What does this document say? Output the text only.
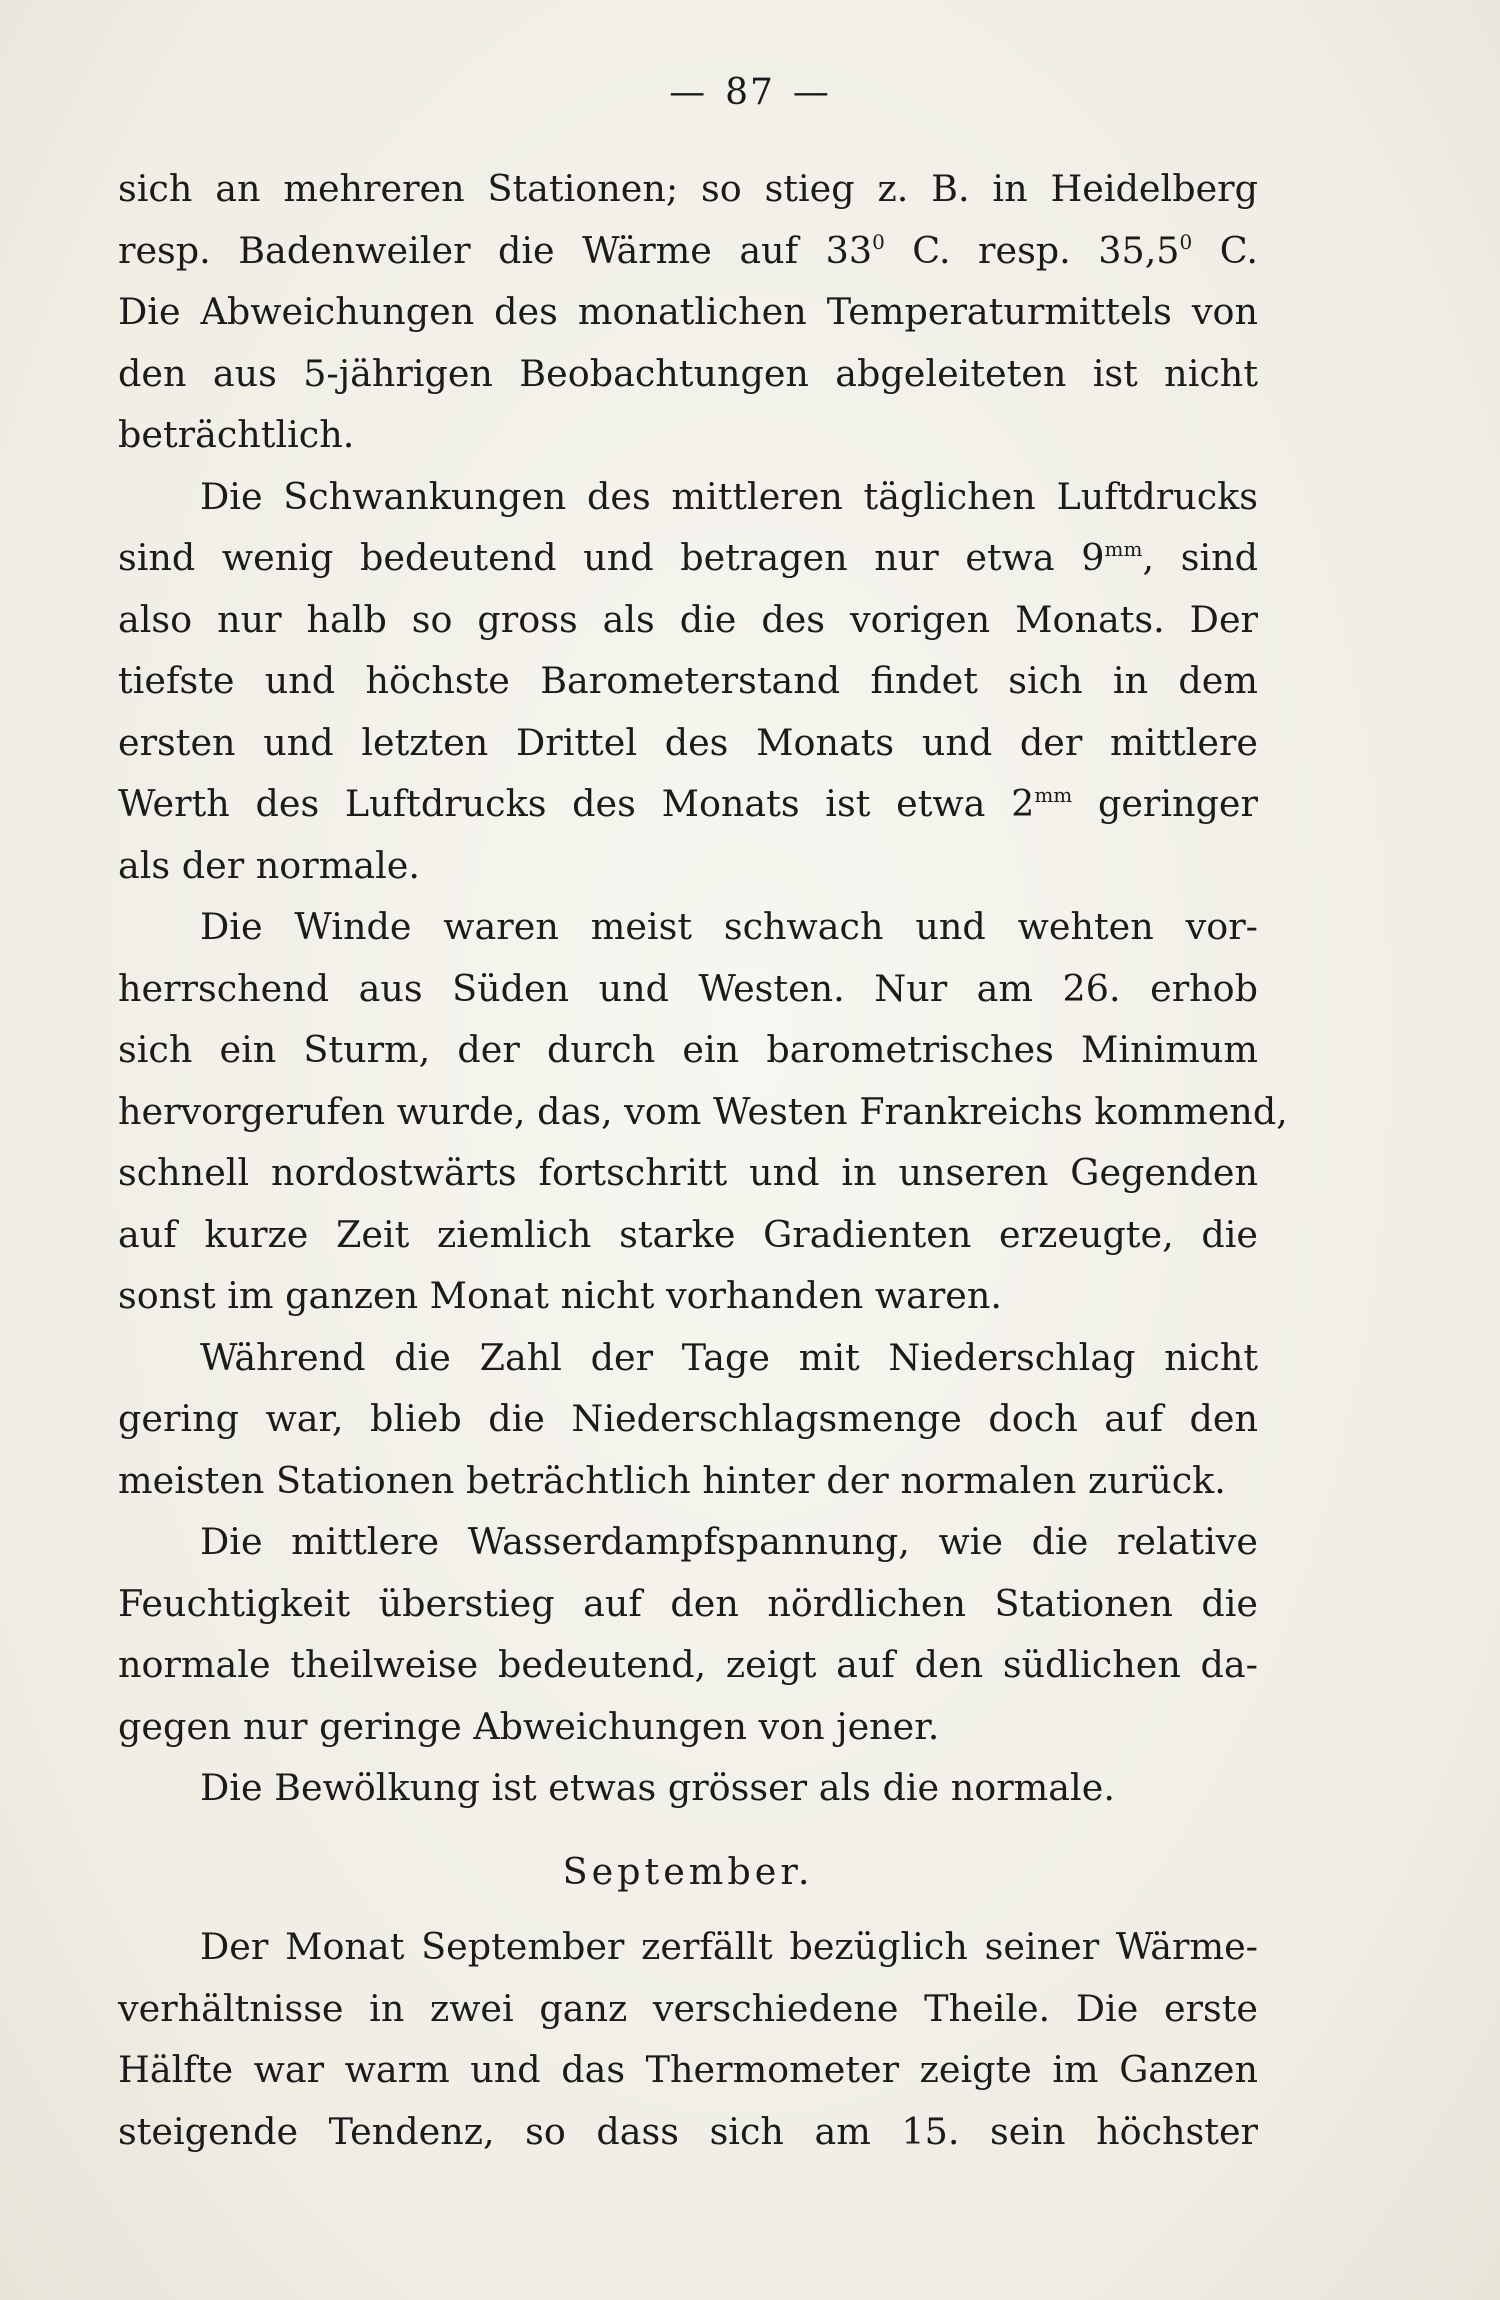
— 87 —
sich an mehreren Stationen; so stieg z. B. in Heidelberg
resp. Badenweiler die Wärme auf $33^0$ C. resp. 35,5$^0$ C.
Die Abweichungen des monatlichen Temperaturmittels von
den aus 5-jährigen Beobachtungen abgeleiteten ist nicht
beträchtlich.
Die Schwankungen des mittleren täglichen Luftdrucks
sind wenig bedeutend und betragen nur etwa $9^{mm}$, sind
also nur halb so gross als die des vorigen Monats. Der
tiefste und höchste Barometerstand findet sich in dem
ersten und letzten Drittel des Monats und der mittlere
Werth des Luftdrucks des Monats ist etwa $2^{mm}$ geringer
als der normale.
Die Winde waren meist schwach und wehten vor-
herrschend aus Süden und Westen. Nur am 26. erhob
sich ein Sturm, der durch ein barometrisches Minimum
hervorgerufen wurde, das, vom Westen Frankreichs kommend,
schnell nordostwärts fortschritt und in unseren Gegenden
auf kurze Zeit ziemlich starke Gradienten erzeugte, die
sonst im ganzen Monat nicht vorhanden waren.
Während die Zahl der Tage mit Niederschlag nicht
gering war, blieb die Niederschlagsmenge doch auf den
meisten Stationen beträchtlich hinter der normalen zurück.
Die mittlere Wasserdampfspannung, wie die relative
Feuchtigkeit überstieg auf den nördlichen Stationen die
normale theilweise bedeutend, zeigt auf den südlichen da-
gegen nur geringe Abweichungen von jener.
Die Bewölkung ist etwas grösser als die normale.
September.
Der Monat September zerfällt bezüglich seiner Wärme-
verhältnisse in zwei ganz verschiedene Theile. Die erste
Hälfte war warm und das Thermometer zeigte im Ganzen
steigende Tendenz, so dass sich am 15. sein höchster
